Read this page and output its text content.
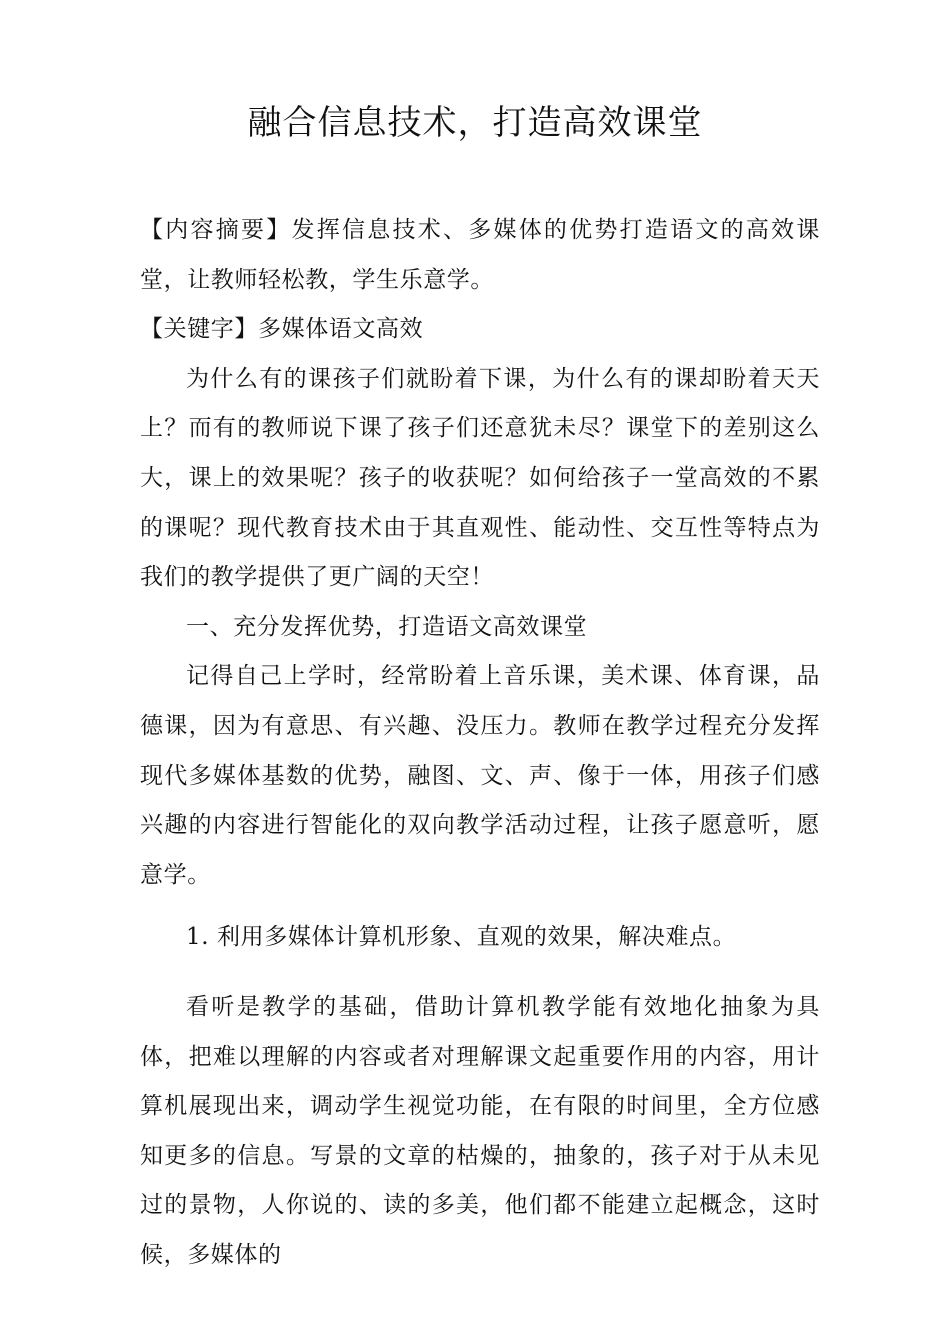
融合信息技术，打造高效课堂

【内容摘要】发挥信息技术、多媒体的优势打造语文的高效课堂，让教师轻松教，学生乐意学。

【关键字】多媒体语文高效

为什么有的课孩子们就盼着下课，为什么有的课却盼着天天上？而有的教师说下课了孩子们还意犹未尽？课堂下的差别这么大，课上的效果呢？孩子的收获呢？如何给孩子一堂高效的不累的课呢？现代教育技术由于其直观性、能动性、交互性等特点为我们的教学提供了更广阔的天空！

一、充分发挥优势，打造语文高效课堂

记得自己上学时，经常盼着上音乐课，美术课、体育课，品德课，因为有意思、有兴趣、没压力。教师在教学过程充分发挥现代多媒体基数的优势，融图、文、声、像于一体，用孩子们感兴趣的内容进行智能化的双向教学活动过程，让孩子愿意听，愿意学。

1. 利用多媒体计算机形象、直观的效果，解决难点。

看听是教学的基础，借助计算机教学能有效地化抽象为具体，把难以理解的内容或者对理解课文起重要作用的内容，用计算机展现出来，调动学生视觉功能，在有限的时间里，全方位感知更多的信息。写景的文章的枯燥的，抽象的，孩子对于从未见过的景物，人你说的、读的多美，他们都不能建立起概念，这时候，多媒体的
